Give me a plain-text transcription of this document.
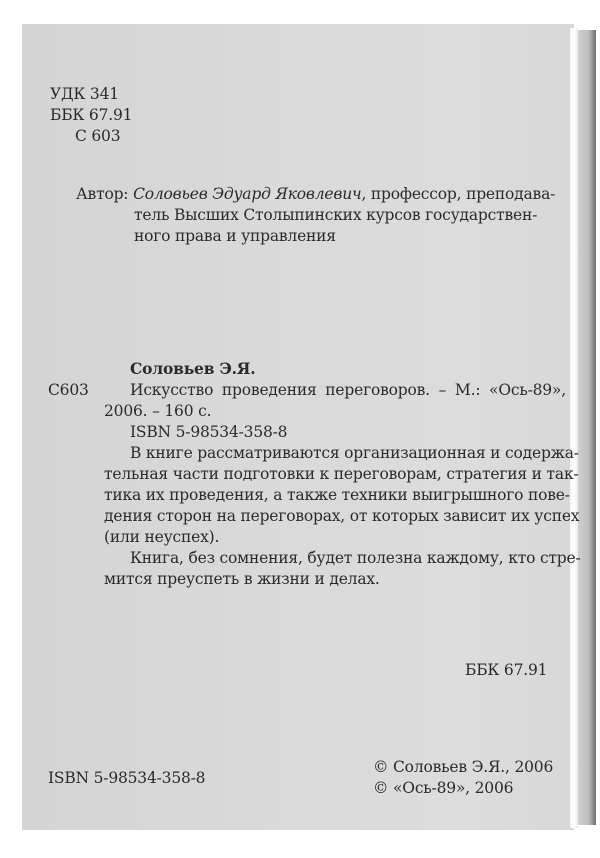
УДК 341
ББК 67.91
С 603
Автор: Соловьев Эдуард Яковлевич, профессор, преподава-
тель Высших Столыпинских курсов государствен-
ного права и управления
Соловьев Э.Я.
С603	Искусство проведения переговоров. – М.: «Ось-89»,
2006. – 160 с.
ISBN 5-98534-358-8
В книге рассматриваются организационная и содержа-
тельная части подготовки к переговорам, стратегия и так-
тика их проведения, а также техники выигрышного пове-
дения сторон на переговорах, от которых зависит их успех
(или неуспех).
Книга, без сомнения, будет полезна каждому, кто стре-
мится преуспеть в жизни и делах.
ББК 67.91
ISBN 5-98534-358-8
© Соловьев Э.Я., 2006
© «Ось-89», 2006
